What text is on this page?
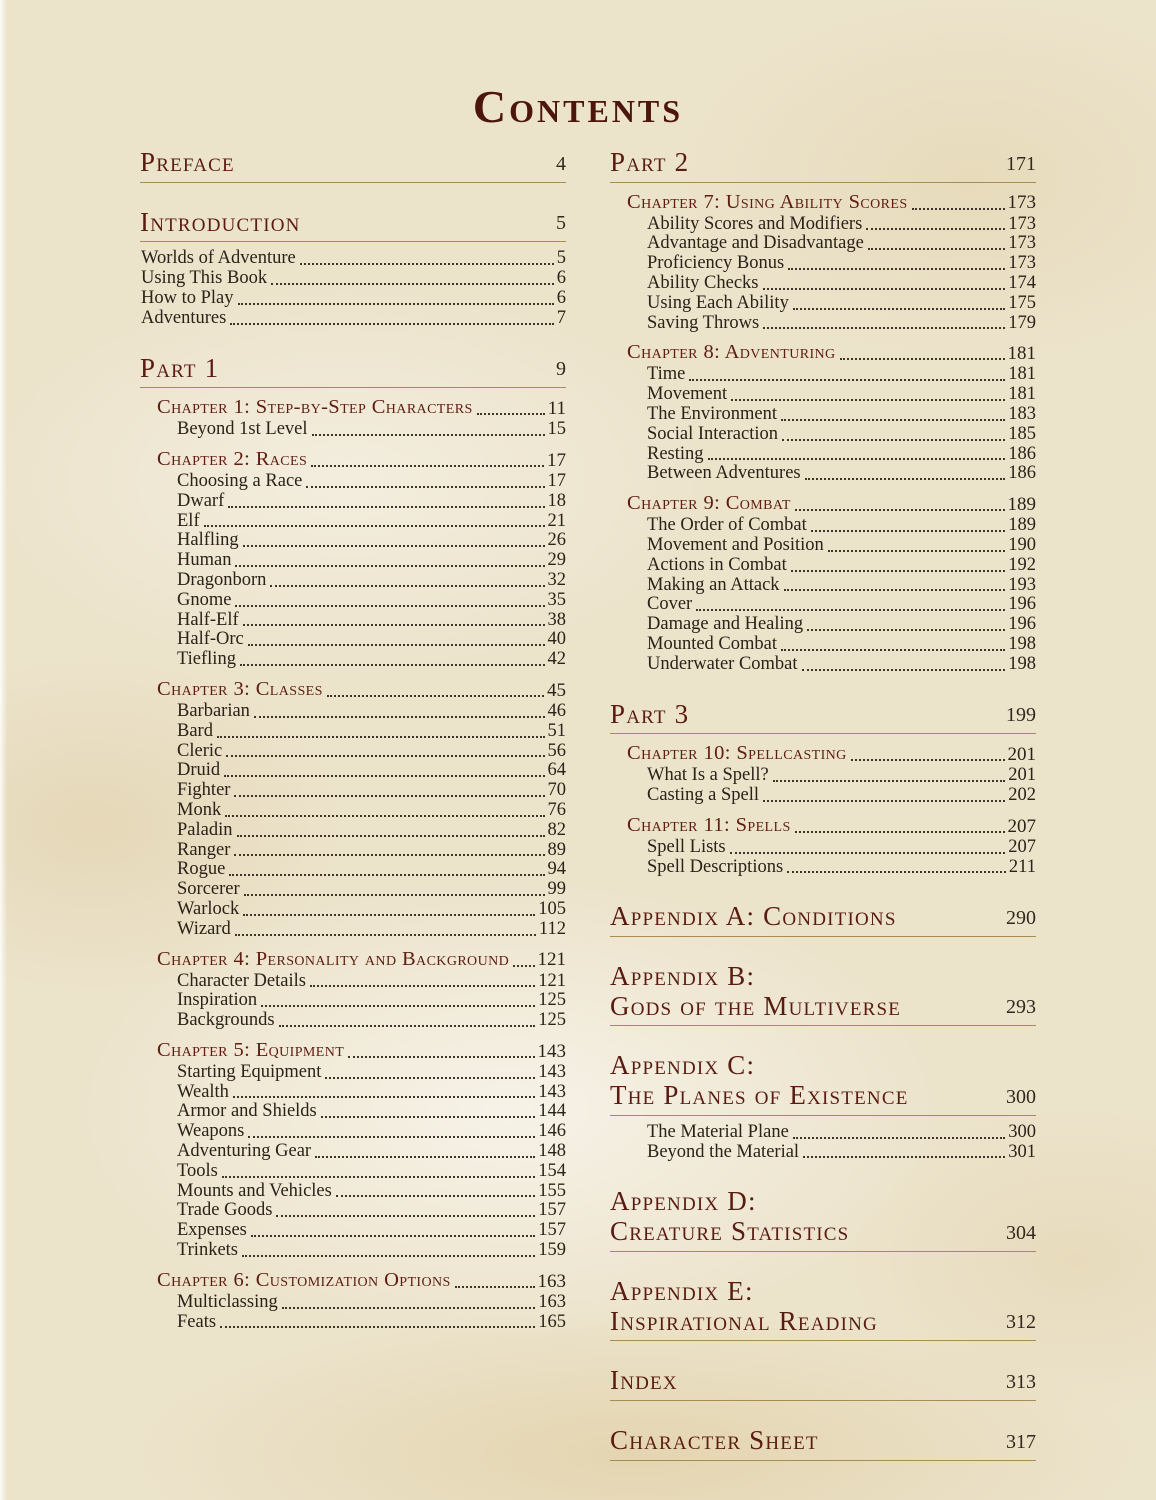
Contents
Preface	4
Introduction	5
Worlds of Adventure	5
Using This Book	6
How to Play	6
Adventures	7
Part 1	9
Chapter 1: Step-by-Step Characters	11
Beyond 1st Level	15
Chapter 2: Races	17
Choosing a Race	17
Dwarf	18
Elf	21
Halfling	26
Human	29
Dragonborn	32
Gnome	35
Half-Elf	38
Half-Orc	40
Tiefling	42
Chapter 3: Classes	45
Barbarian	46
Bard	51
Cleric	56
Druid	64
Fighter	70
Monk	76
Paladin	82
Ranger	89
Rogue	94
Sorcerer	99
Warlock	105
Wizard	112
Chapter 4: Personality and Background 121
Character Details	121
Inspiration	125
Backgrounds	125
Chapter 5: Equipment	143
Starting Equipment	143
Wealth	143
Armor and Shields	144
Weapons	146
Adventuring Gear	148
Tools	154
Mounts and Vehicles	155
Trade Goods	157
Expenses	157
Trinkets	159
Chapter 6: Customization Options	163
Multiclassing	163
Feats	165
Part 2	171
Chapter 7: Using Ability Scores	173
Ability Scores and Modifiers	173
Advantage and Disadvantage	173
Proficiency Bonus	173
Ability Checks	174
Using Each Ability	175
Saving Throws	179
Chapter 8: Adventuring	181
Time	181
Movement	181
The Environment	183
Social Interaction	185
Resting	186
Between Adventures	186
Chapter 9: Combat	189
The Order of Combat	189
Movement and Position	190
Actions in Combat	192
Making an Attack	193
Cover	196
Damage and Healing	196
Mounted Combat	198
Underwater Combat	198
Part 3	199
Chapter 10: Spellcasting	201
What Is a Spell?	201
Casting a Spell	202
Chapter 11: Spells	207
Spell Lists	207
Spell Descriptions	211
Appendix A: Conditions	290
Appendix B:
Gods of the Multiverse	293
Appendix C:
The Planes of Existence	300
The Material Plane	300
Beyond the Material	301
Appendix D:
Creature Statistics	304
Appendix E:
Inspirational Reading	312
Index	313
Character Sheet	317
